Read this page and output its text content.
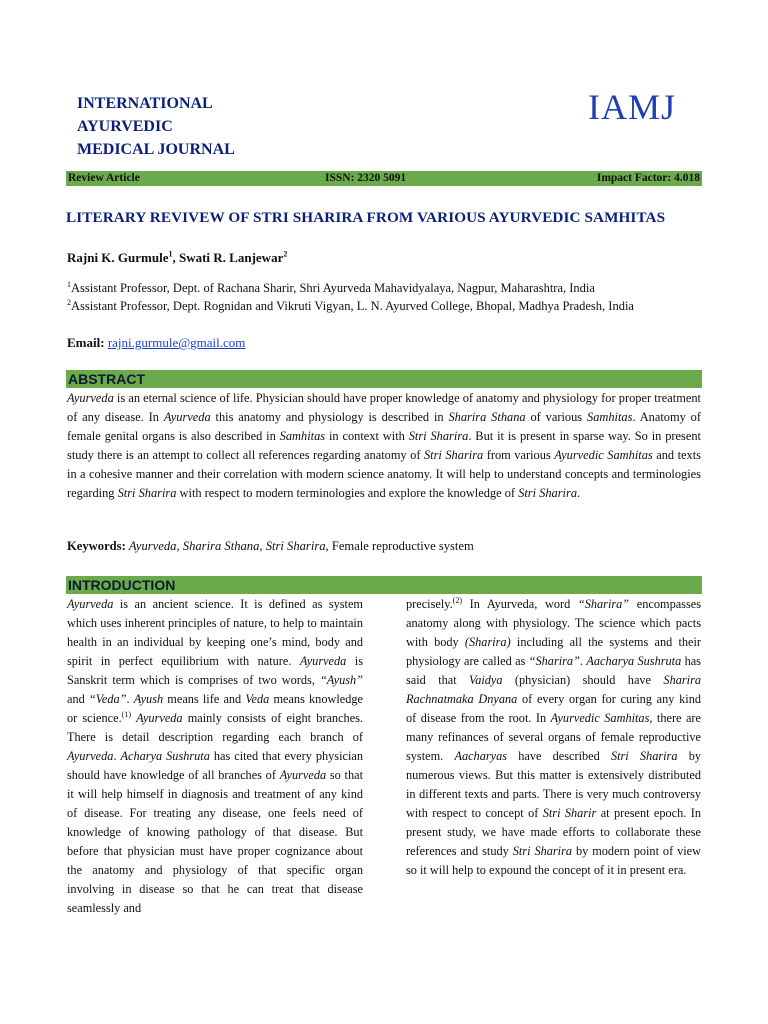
INTERNATIONAL
AYURVEDIC
MEDICAL JOURNAL
IAMJ
Review Article	ISSN: 2320 5091	Impact Factor: 4.018
LITERARY REVIVEW OF STRI SHARIRA FROM VARIOUS AYURVEDIC SAMHITAS
Rajni K. Gurmule$^1$, Swati R. Lanjewar$^2$
$^1$Assistant Professor, Dept. of Rachana Sharir, Shri Ayurveda Mahavidyalaya, Nagpur, Maharashtra, India
$^2$Assistant Professor, Dept. Rognidan and Vikruti Vigyan, L. N. Ayurved College, Bhopal, Madhya Pradesh, India
Email: rajni.gurmule@gmail.com
ABSTRACT
Ayurveda is an eternal science of life. Physician should have proper knowledge of anatomy and physiology for proper treatment of any disease. In Ayurveda this anatomy and physiology is described in Sharira Sthana of various Samhitas. Anatomy of female genital organs is also described in Samhitas in context with Stri Sharira. But it is present in sparse way. So in present study there is an attempt to collect all references regarding anatomy of Stri Sharira from various Ayurvedic Samhitas and texts in a cohesive manner and their correlation with modern science anatomy. It will help to understand concepts and terminologies regarding Stri Sharira with respect to modern terminologies and explore the knowledge of Stri Sharira.
Keywords: Ayurveda, Sharira Sthana, Stri Sharira, Female reproductive system
INTRODUCTION
Ayurveda is an ancient science. It is defined as system which uses inherent principles of nature, to help to maintain health in an individual by keeping one’s mind, body and spirit in perfect equilibrium with nature. Ayurveda is Sanskrit term which is comprises of two words, “Ayush” and “Veda”. Ayush means life and Veda means knowledge or science.$^{(1)}$ Ayurveda mainly consists of eight branches. There is detail description regarding each branch of Ayurveda. Acharya Sushruta has cited that every physician should have knowledge of all branches of Ayurveda so that it will help himself in diagnosis and treatment of any kind of disease. For treating any disease, one feels need of knowledge of knowing pathology of that disease. But before that physician must have proper cognizance about the anatomy and physiology of that specific organ involving in disease so that he can treat that disease seamlessly and
precisely.$^{(2)}$ In Ayurveda, word “Sharira” encompasses anatomy along with physiology. The science which pacts with body (Sharira) including all the systems and their physiology are called as “Sharira”. Aacharya Sushruta has said that Vaidya (physician) should have Sharira Rachnatmaka Dnyana of every organ for curing any kind of disease from the root. In Ayurvedic Samhitas, there are many refinances of several organs of female reproductive system. Aacharyas have described Stri Sharira by numerous views. But this matter is extensively distributed in different texts and parts. There is very much controversy with respect to concept of Stri Sharir at present epoch. In present study, we have made efforts to collaborate these references and study Stri Sharira by modern point of view so it will help to expound the concept of it in present era.
